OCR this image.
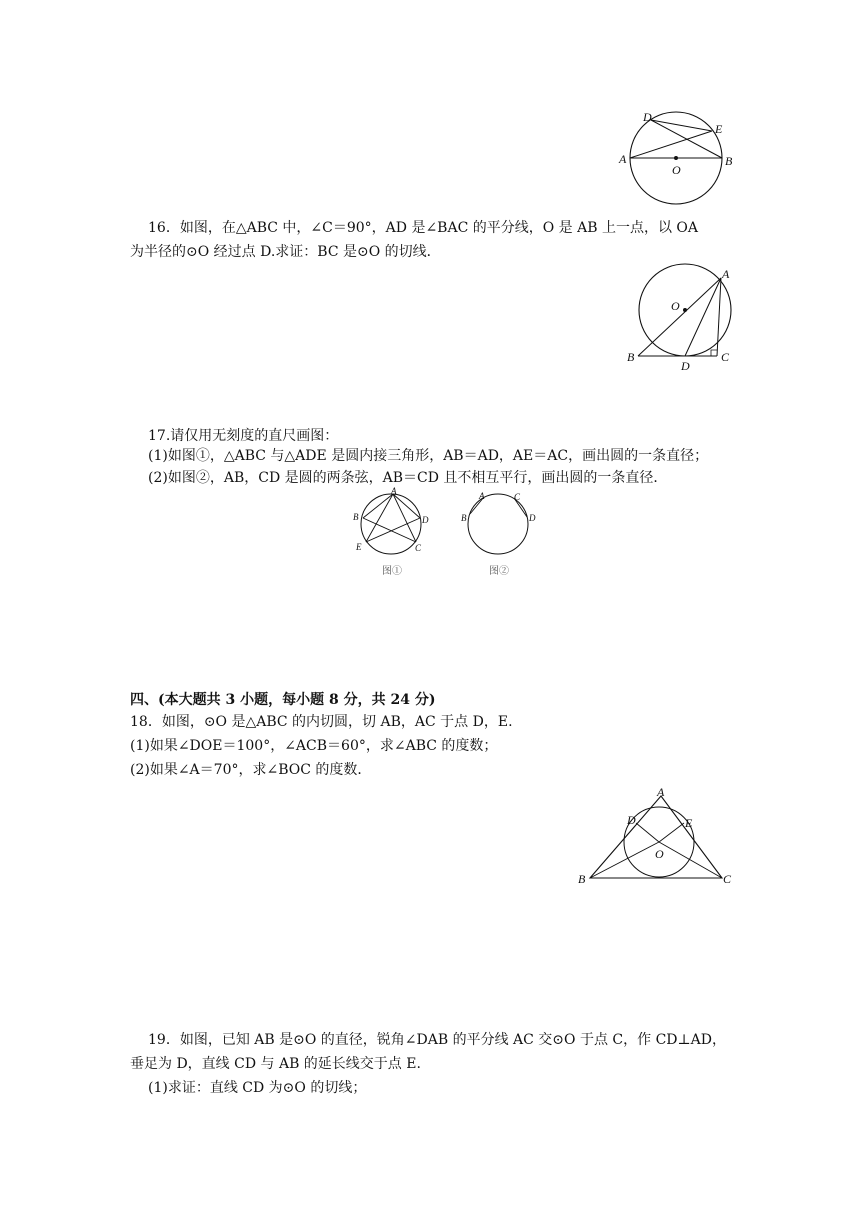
D
E
A
O
B
16．如图，在△ABC 中，∠C＝90°，AD 是∠BAC 的平分线，O 是 AB 上一点，以 OA
为半径的⊙O 经过点 D.求证：BC 是⊙O 的切线．
A
O
B
D
C
17.请仅用无刻度的直尺画图：
(1)如图①，△ABC 与△ADE 是圆内接三角形，AB＝AD，AE＝AC，画出圆的一条直径；
(2)如图②，AB，CD 是圆的两条弦，AB＝CD 且不相互平行，画出圆的一条直径．
A
B	D
E	C
图①
A	C
B	D
图②
四、(本大题共 3 小题，每小题 8 分，共 24 分)
18．如图，⊙O 是△ABC 的内切圆，切 AB，AC 于点 D，E.
(1)如果∠DOE＝100°，∠ACB＝60°，求∠ABC 的度数；
(2)如果∠A＝70°，求∠BOC 的度数．
A
D	E
O
B	C
19．如图，已知 AB 是⊙O 的直径，锐角∠DAB 的平分线 AC 交⊙O 于点 C，作 CD⊥AD，
垂足为 D，直线 CD 与 AB 的延长线交于点 E.
(1)求证：直线 CD 为⊙O 的切线；
